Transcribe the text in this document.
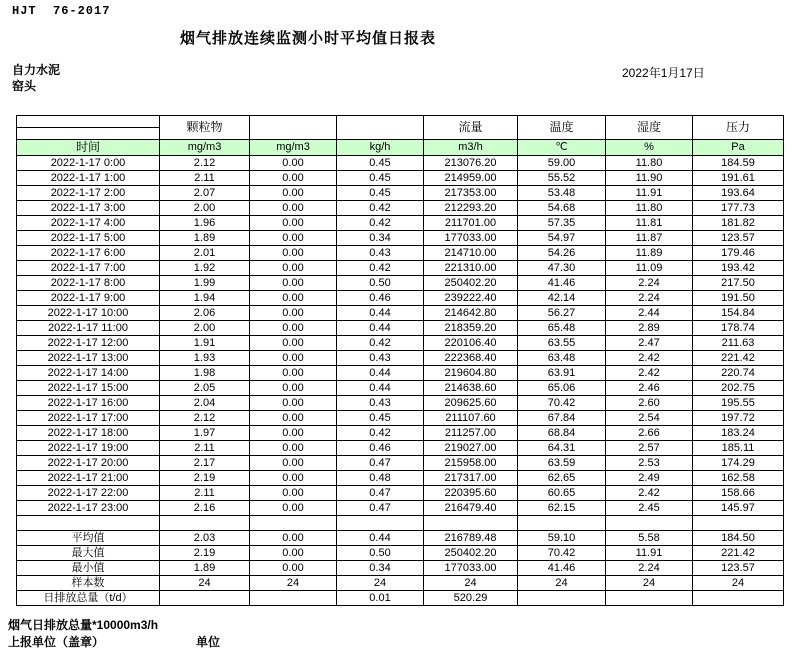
HJT  76-2017
烟气排放连续监测小时平均值日报表
自力水泥
窑头
2022年1月17日
	颗粒物			流量	温度	湿度	压力

时间	mg/m3	mg/m3	kg/h	m3/h	℃	%	Pa
2022-1-17 0:00	2.12	0.00	0.45	213076.20	59.00	11.80	184.59
2022-1-17 1:00	2.11	0.00	0.45	214959.00	55.52	11.90	191.61
2022-1-17 2:00	2.07	0.00	0.45	217353.00	53.48	11.91	193.64
2022-1-17 3:00	2.00	0.00	0.42	212293.20	54.68	11.80	177.73
2022-1-17 4:00	1.96	0.00	0.42	211701.00	57.35	11.81	181.82
2022-1-17 5:00	1.89	0.00	0.34	177033.00	54.97	11.87	123.57
2022-1-17 6:00	2.01	0.00	0.43	214710.00	54.26	11.89	179.46
2022-1-17 7:00	1.92	0.00	0.42	221310.00	47.30	11.09	193.42
2022-1-17 8:00	1.99	0.00	0.50	250402.20	41.46	2.24	217.50
2022-1-17 9:00	1.94	0.00	0.46	239222.40	42.14	2.24	191.50
2022-1-17 10:00	2.06	0.00	0.44	214642.80	56.27	2.44	154.84
2022-1-17 11:00	2.00	0.00	0.44	218359.20	65.48	2.89	178.74
2022-1-17 12:00	1.91	0.00	0.42	220106.40	63.55	2.47	211.63
2022-1-17 13:00	1.93	0.00	0.43	222368.40	63.48	2.42	221.42
2022-1-17 14:00	1.98	0.00	0.44	219604.80	63.91	2.42	220.74
2022-1-17 15:00	2.05	0.00	0.44	214638.60	65.06	2.46	202.75
2022-1-17 16:00	2.04	0.00	0.43	209625.60	70.42	2.60	195.55
2022-1-17 17:00	2.12	0.00	0.45	211107.60	67.84	2.54	197.72
2022-1-17 18:00	1.97	0.00	0.42	211257.00	68.84	2.66	183.24
2022-1-17 19:00	2.11	0.00	0.46	219027.00	64.31	2.57	185.11
2022-1-17 20:00	2.17	0.00	0.47	215958.00	63.59	2.53	174.29
2022-1-17 21:00	2.19	0.00	0.48	217317.00	62.65	2.49	162.58
2022-1-17 22:00	2.11	0.00	0.47	220395.60	60.65	2.42	158.66
2022-1-17 23:00	2.16	0.00	0.47	216479.40	62.15	2.45	145.97

平均值	2.03	0.00	0.44	216789.48	59.10	5.58	184.50
最大值	2.19	0.00	0.50	250402.20	70.42	11.91	221.42
最小值	1.89	0.00	0.34	177033.00	41.46	2.24	123.57
样本数	24	24	24	24	24	24	24
日排放总量（t/d）			0.01	520.29			
烟气日排放总量*10000m3/h
上报单位（盖章）	单位
